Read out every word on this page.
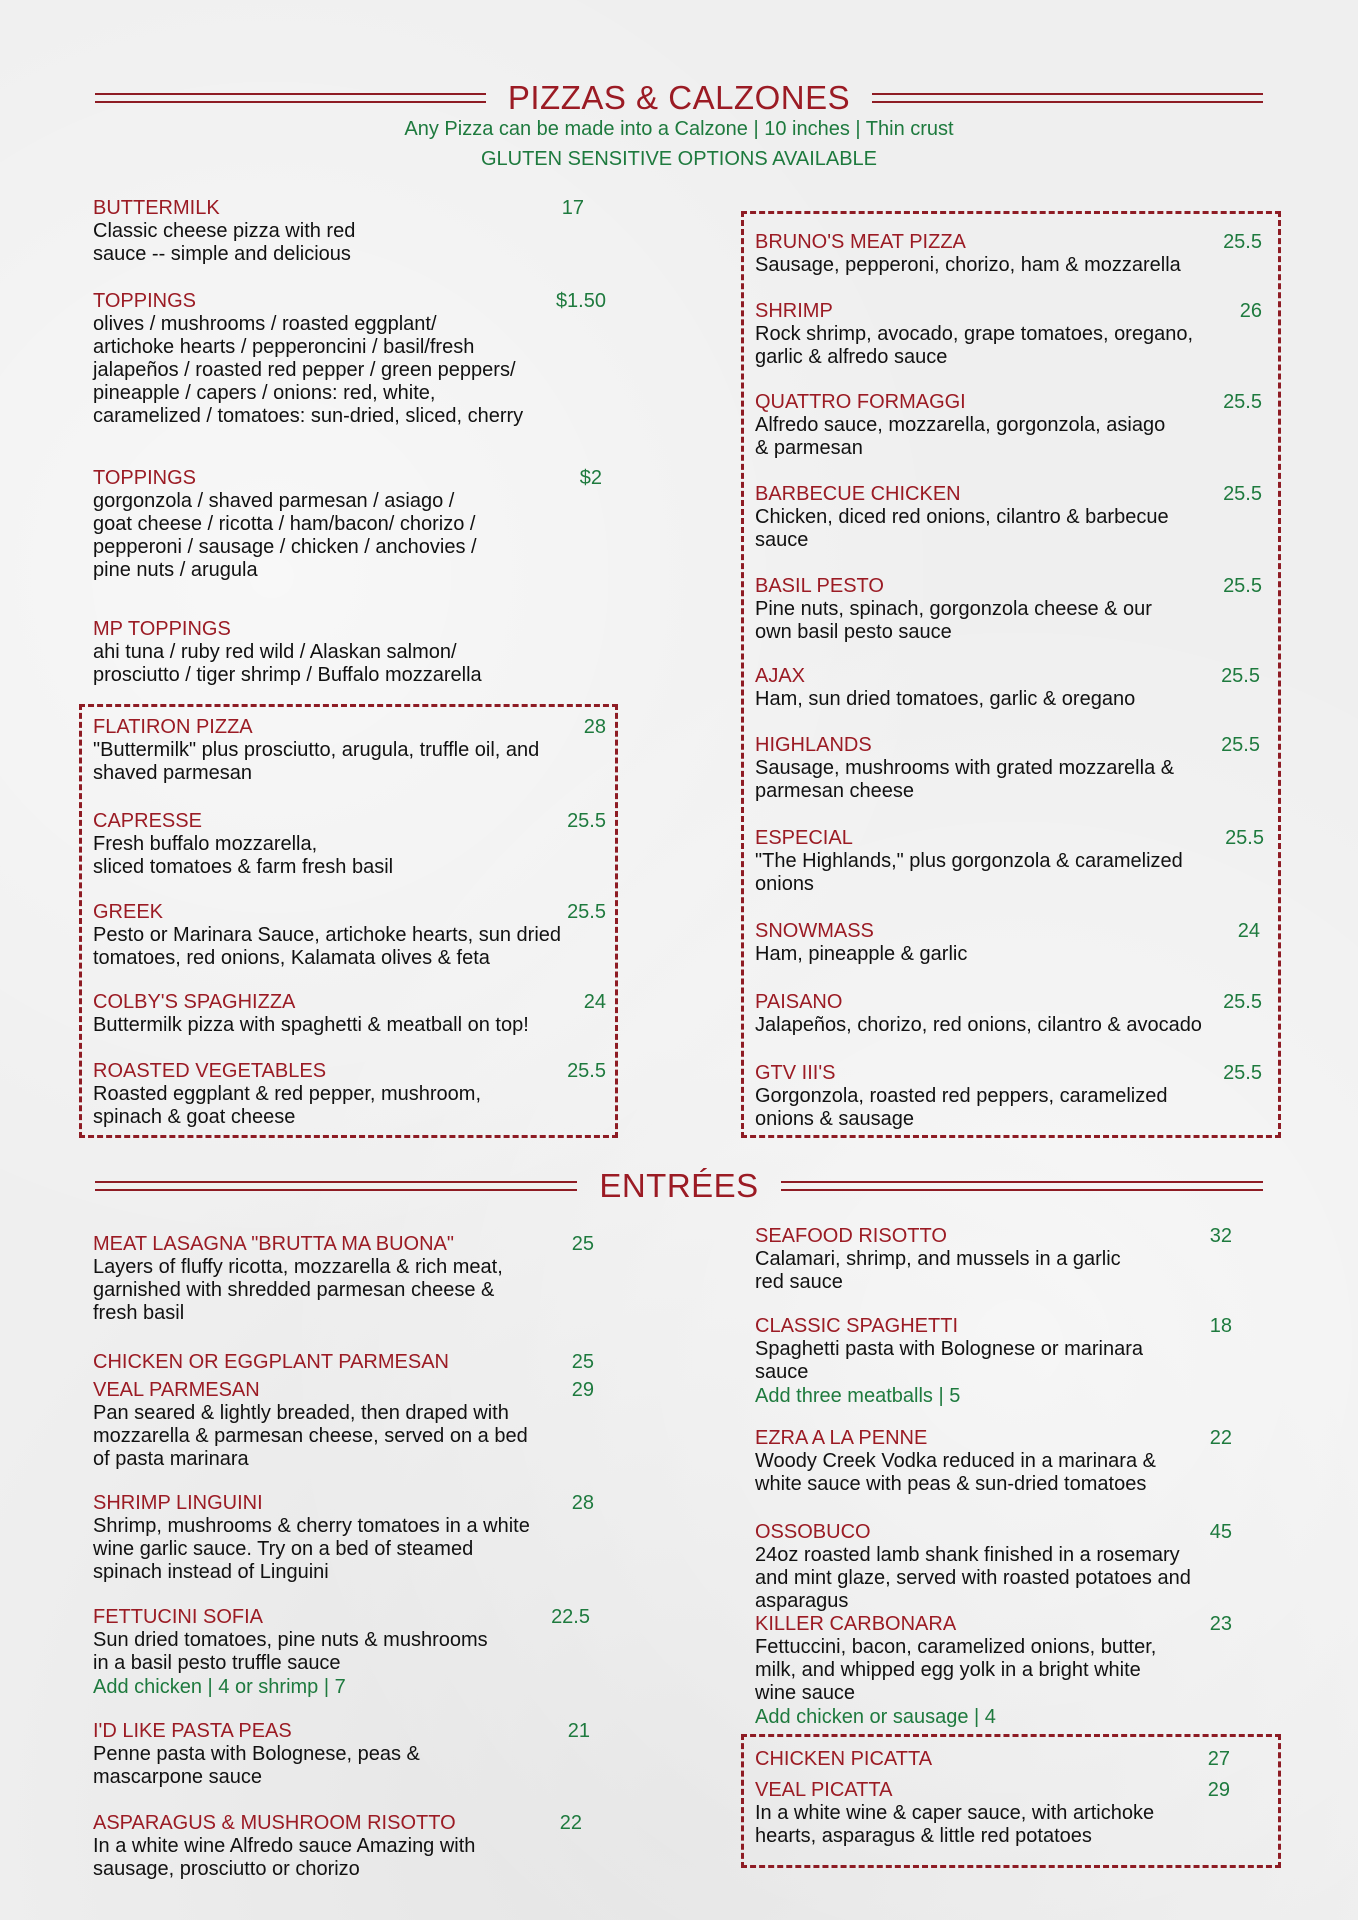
PIZZAS & CALZONES
Any Pizza can be made into a Calzone | 10 inches | Thin crust
GLUTEN SENSITIVE OPTIONS AVAILABLE
ENTRÉES
BUTTERMILK	17
Classic cheese pizza with red
sauce -- simple and delicious
TOPPINGS	$1.50
olives / mushrooms / roasted eggplant/
artichoke hearts / pepperoncini / basil/fresh
jalapeños / roasted red pepper / green peppers/
pineapple / capers / onions: red, white,
caramelized / tomatoes: sun-dried, sliced, cherry
TOPPINGS	$2
gorgonzola / shaved parmesan / asiago /
goat cheese / ricotta / ham/bacon/ chorizo /
pepperoni / sausage / chicken / anchovies /
pine nuts / arugula
MP TOPPINGS
ahi tuna / ruby red wild / Alaskan salmon/
prosciutto / tiger shrimp / Buffalo mozzarella
FLATIRON PIZZA	28
"Buttermilk" plus prosciutto, arugula, truffle oil, and
shaved parmesan
CAPRESSE	25.5
Fresh buffalo mozzarella,
sliced tomatoes & farm fresh basil
GREEK	25.5
Pesto or Marinara Sauce, artichoke hearts, sun dried
tomatoes, red onions, Kalamata olives & feta
COLBY'S SPAGHIZZA	24
Buttermilk pizza with spaghetti & meatball on top!
ROASTED VEGETABLES	25.5
Roasted eggplant & red pepper, mushroom,
spinach & goat cheese
BRUNO'S MEAT PIZZA	25.5
Sausage, pepperoni, chorizo, ham & mozzarella
SHRIMP	26
Rock shrimp, avocado, grape tomatoes, oregano,
garlic & alfredo sauce
QUATTRO FORMAGGI	25.5
Alfredo sauce, mozzarella, gorgonzola, asiago
& parmesan
BARBECUE CHICKEN	25.5
Chicken, diced red onions, cilantro & barbecue
sauce
BASIL PESTO	25.5
Pine nuts, spinach, gorgonzola cheese & our
own basil pesto sauce
AJAX	25.5
Ham, sun dried tomatoes, garlic & oregano
HIGHLANDS	25.5
Sausage, mushrooms with grated mozzarella &
parmesan cheese
ESPECIAL	25.5
"The Highlands," plus gorgonzola & caramelized
onions
SNOWMASS	24
Ham, pineapple & garlic
PAISANO	25.5
Jalapeños, chorizo, red onions, cilantro & avocado
GTV III'S	25.5
Gorgonzola, roasted red peppers, caramelized
onions & sausage
MEAT LASAGNA "BRUTTA MA BUONA"	25
Layers of fluffy ricotta, mozzarella & rich meat,
garnished with shredded parmesan cheese &
fresh basil
CHICKEN OR EGGPLANT PARMESAN	25
VEAL PARMESAN	29
Pan seared & lightly breaded, then draped with
mozzarella & parmesan cheese, served on a bed
of pasta marinara
SHRIMP LINGUINI	28
Shrimp, mushrooms & cherry tomatoes in a white
wine garlic sauce. Try on a bed of steamed
spinach instead of Linguini
FETTUCINI SOFIA	22.5
Sun dried tomatoes, pine nuts & mushrooms
in a basil pesto truffle sauce
Add chicken | 4 or shrimp | 7
I'D LIKE PASTA PEAS	21
Penne pasta with Bolognese, peas &
mascarpone sauce
ASPARAGUS & MUSHROOM RISOTTO	22
In a white wine Alfredo sauce Amazing with
sausage, prosciutto or chorizo
SEAFOOD RISOTTO	32
Calamari, shrimp, and mussels in a garlic
red sauce
CLASSIC SPAGHETTI	18
Spaghetti pasta with Bolognese or marinara
sauce
Add three meatballs | 5
EZRA A LA PENNE	22
Woody Creek Vodka reduced in a marinara &
white sauce with peas & sun-dried tomatoes
OSSOBUCO	45
24oz roasted lamb shank finished in a rosemary
and mint glaze, served with roasted potatoes and
asparagus
KILLER CARBONARA	23
Fettuccini, bacon, caramelized onions, butter,
milk, and whipped egg yolk in a bright white
wine sauce
Add chicken or sausage | 4
CHICKEN PICATTA	27
VEAL PICATTA	29
In a white wine & caper sauce, with artichoke
hearts, asparagus & little red potatoes
